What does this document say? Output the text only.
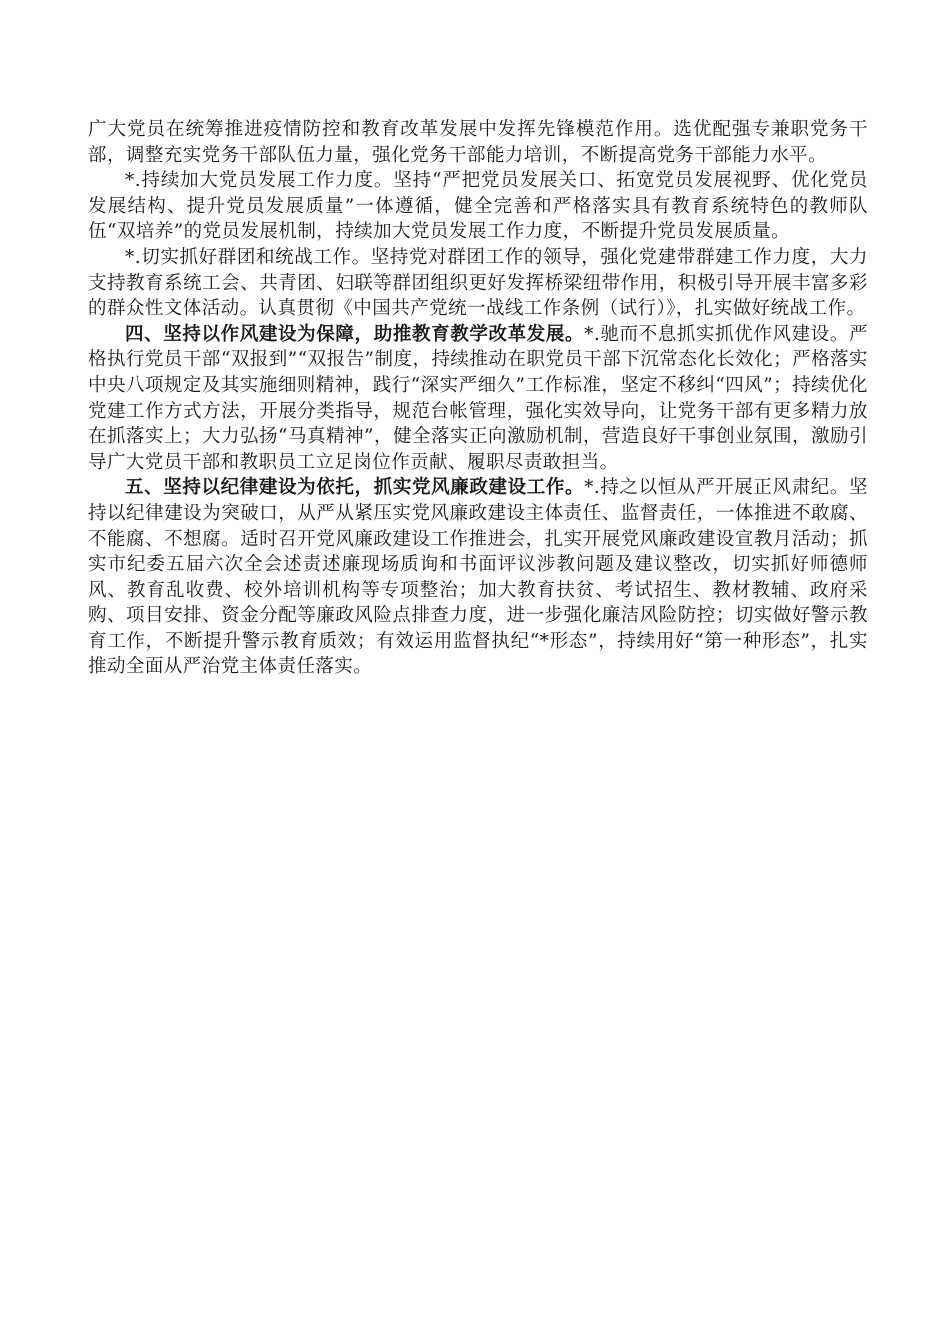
广大党员在统筹推进疫情防控和教育改革发展中发挥先锋模范作用。选优配强专兼职党务干部，调整充实党务干部队伍力量，强化党务干部能力培训，不断提高党务干部能力水平。

*.持续加大党员发展工作力度。坚持“严把党员发展关口、拓宽党员发展视野、优化党员发展结构、提升党员发展质量”一体遵循，健全完善和严格落实具有教育系统特色的教师队伍“双培养”的党员发展机制，持续加大党员发展工作力度，不断提升党员发展质量。

*.切实抓好群团和统战工作。坚持党对群团工作的领导，强化党建带群建工作力度，大力支持教育系统工会、共青团、妇联等群团组织更好发挥桥梁纽带作用，积极引导开展丰富多彩的群众性文体活动。认真贯彻《中国共产党统一战线工作条例（试行）》，扎实做好统战工作。

四、坚持以作风建设为保障，助推教育教学改革发展。*.驰而不息抓实抓优作风建设。严格执行党员干部“双报到”“双报告”制度，持续推动在职党员干部下沉常态化长效化；严格落实中央八项规定及其实施细则精神，践行“深实严细久”工作标准，坚定不移纠“四风”；持续优化党建工作方式方法，开展分类指导，规范台帐管理，强化实效导向，让党务干部有更多精力放在抓落实上；大力弘扬“马真精神”，健全落实正向激励机制，营造良好干事创业氛围，激励引导广大党员干部和教职员工立足岗位作贡献、履职尽责敢担当。

五、坚持以纪律建设为依托，抓实党风廉政建设工作。*.持之以恒从严开展正风肃纪。坚持以纪律建设为突破口，从严从紧压实党风廉政建设主体责任、监督责任，一体推进不敢腐、不能腐、不想腐。适时召开党风廉政建设工作推进会，扎实开展党风廉政建设宣教月活动；抓实市纪委五届六次全会述责述廉现场质询和书面评议涉教问题及建议整改，切实抓好师德师风、教育乱收费、校外培训机构等专项整治；加大教育扶贫、考试招生、教材教辅、政府采购、项目安排、资金分配等廉政风险点排查力度，进一步强化廉洁风险防控；切实做好警示教育工作，不断提升警示教育质效；有效运用监督执纪“*形态”，持续用好“第一种形态”，扎实推动全面从严治党主体责任落实。
